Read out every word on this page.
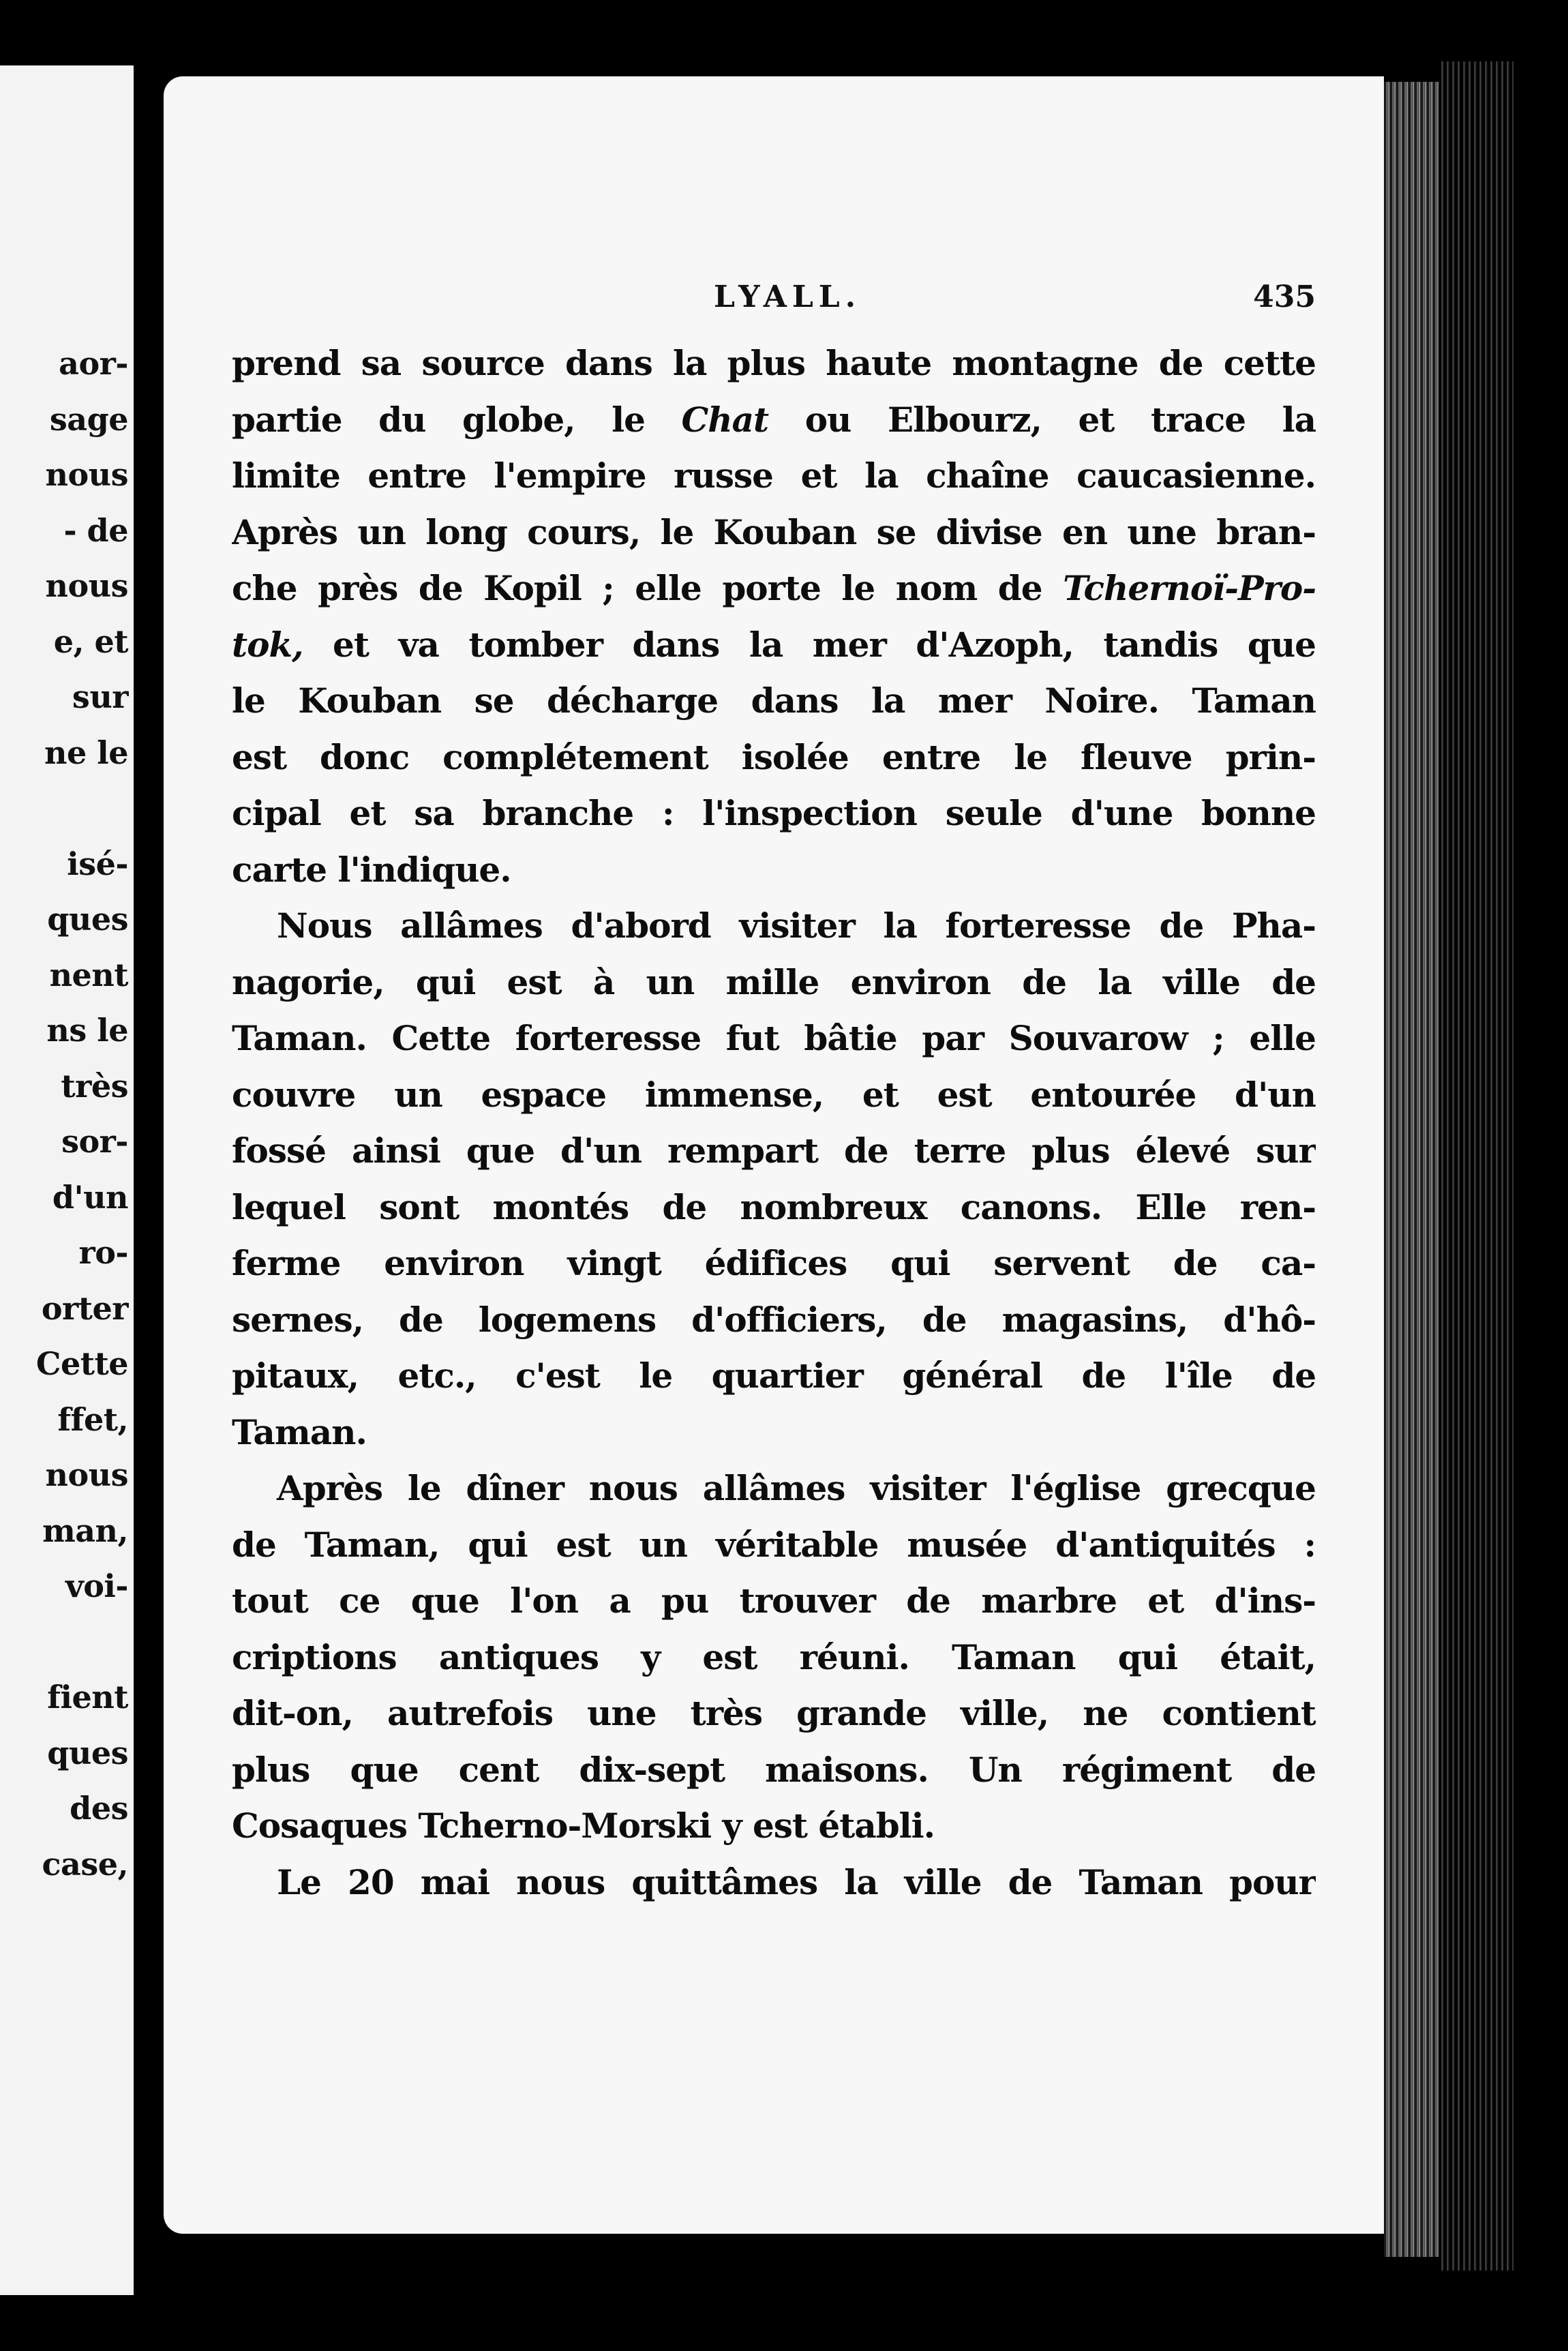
aor-
sage
nous
- de
nous
e, et
sur
ne le
isé-
ques
nent
ns le
très
sor-
d'un
ro-
orter
Cette
ffet,
nous
man,
voi-
fient
ques
des
case,
LYALL.	435
prend sa source dans la plus haute montagne de cette
partie du globe, le Chat ou Elbourz, et trace la
limite entre l'empire russe et la chaîne caucasienne.
Après un long cours, le Kouban se divise en une bran-
che près de Kopil ; elle porte le nom de Tchernoï-Pro-
tok, et va tomber dans la mer d'Azoph, tandis que
le Kouban se décharge dans la mer Noire. Taman
est donc complétement isolée entre le fleuve prin-
cipal et sa branche : l'inspection seule d'une bonne
carte l'indique.
Nous allâmes d'abord visiter la forteresse de Pha-
nagorie, qui est à un mille environ de la ville de
Taman. Cette forteresse fut bâtie par Souvarow ; elle
couvre un espace immense, et est entourée d'un
fossé ainsi que d'un rempart de terre plus élevé sur
lequel sont montés de nombreux canons. Elle ren-
ferme environ vingt édifices qui servent de ca-
sernes, de logemens d'officiers, de magasins, d'hô-
pitaux, etc., c'est le quartier général de l'île de
Taman.
Après le dîner nous allâmes visiter l'église grecque
de Taman, qui est un véritable musée d'antiquités :
tout ce que l'on a pu trouver de marbre et d'ins-
criptions antiques y est réuni. Taman qui était,
dit-on, autrefois une très grande ville, ne contient
plus que cent dix-sept maisons. Un régiment de
Cosaques Tcherno-Morski y est établi.
Le 20 mai nous quittâmes la ville de Taman pour
